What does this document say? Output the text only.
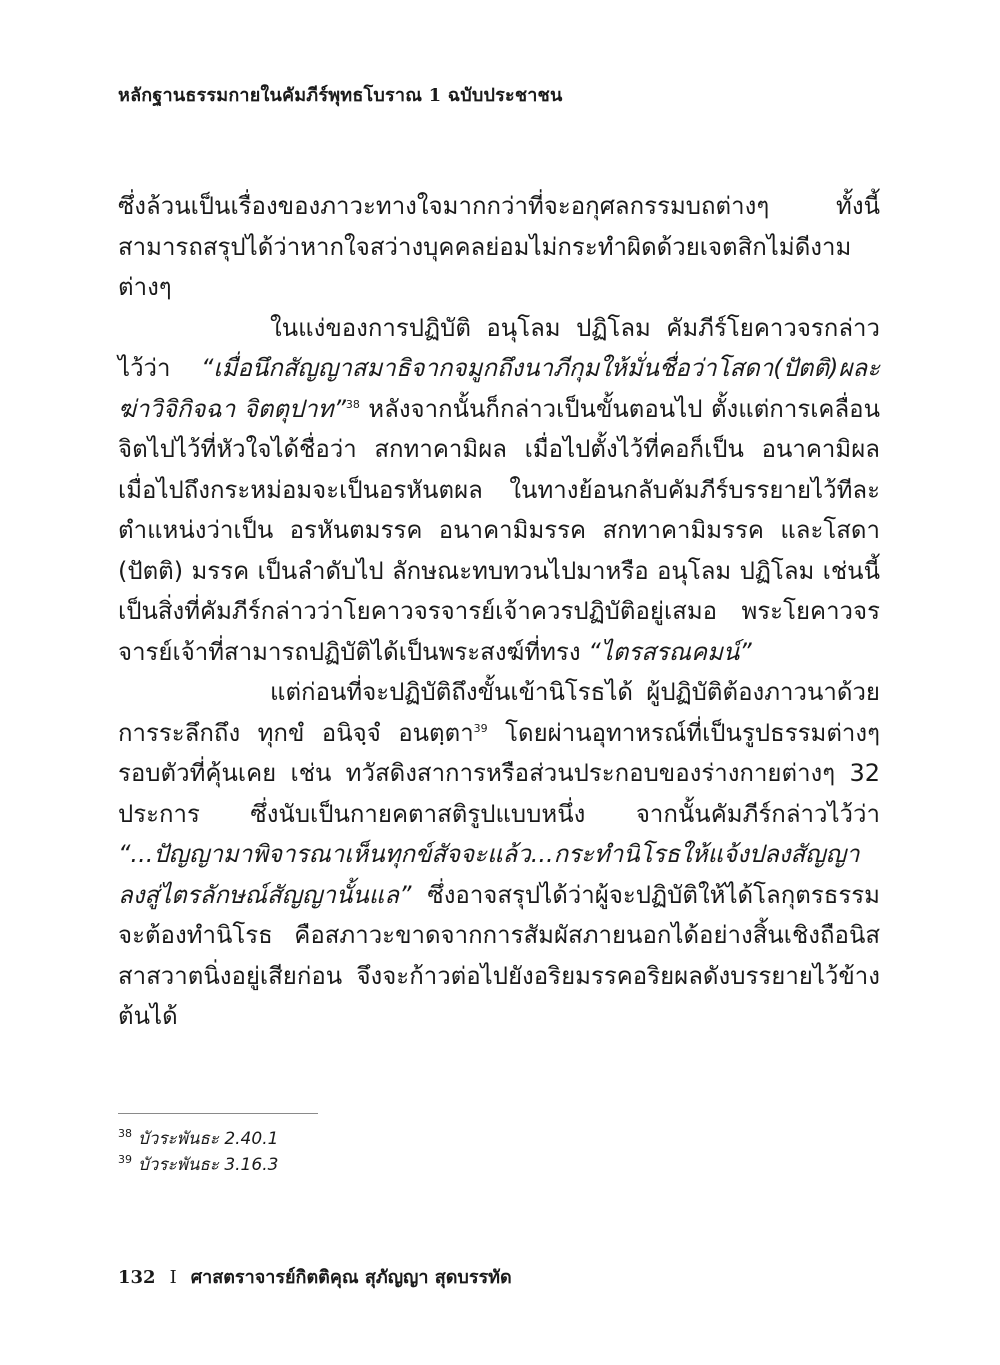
หลักฐานธรรมกายในคัมภีร์พุทธโบราณ 1 ฉบับประชาชน

ซึ่งล้วนเป็นเรื่องของภาวะทางใจมากกว่าที่จะอกุศลกรรมบถต่างๆ ทั้งนี้สามารถสรุปได้ว่าหากใจสว่างบุคคลย่อมไม่กระทำผิดด้วยเจตสิกไม่ดีงามต่างๆ

ในแง่ของการปฏิบัติ อนุโลม ปฏิโลม คัมภีร์โยคาวจรกล่าวไว้ว่า “เมื่อนึกสัญญาสมาธิจากจมูกถึงนาภีกุมให้มั่นชื่อว่าโสดา(ปัตติ)ผละ ฆ่าวิจิกิจฉา จิตตุปาท”$^{38}$ หลังจากนั้นก็กล่าวเป็นขั้นตอนไป ตั้งแต่การเคลื่อนจิตไปไว้ที่หัวใจได้ชื่อว่า สกทาคามิผล เมื่อไปตั้งไว้ที่คอก็เป็น อนาคามิผล เมื่อไปถึงกระหม่อมจะเป็นอรหันตผล ในทางย้อนกลับคัมภีร์บรรยายไว้ทีละตำแหน่งว่าเป็น อรหันตมรรค อนาคามิมรรค สกทาคามิมรรค และโสดา (ปัตติ) มรรค เป็นลำดับไป ลักษณะทบทวนไปมาหรือ อนุโลม ปฏิโลม เช่นนี้เป็นสิ่งที่คัมภีร์กล่าวว่าโยคาวจรจารย์เจ้าควรปฏิบัติอยู่เสมอ พระโยคาวจรจารย์เจ้าที่สามารถปฏิบัติได้เป็นพระสงฆ์ที่ทรง “ไตรสรณคมน์”

แต่ก่อนที่จะปฏิบัติถึงขั้นเข้านิโรธได้ ผู้ปฏิบัติต้องภาวนาด้วยการระลึกถึง ทุกขํ อนิจฺจํ อนตฺตา$^{39}$ โดยผ่านอุทาหรณ์ที่เป็นรูปธรรมต่างๆ รอบตัวที่คุ้นเคย เช่น ทวัสดิงสาการหรือส่วนประกอบของร่างกายต่างๆ 32 ประการ ซึ่งนับเป็นกายคตาสติรูปแบบหนึ่ง จากนั้นคัมภีร์กล่าวไว้ว่า “...ปัญญามาพิจารณาเห็นทุกข์สัจจะแล้ว...กระทำนิโรธให้แจ้งปลงสัญญาลงสู่ไตรลักษณ์สัญญานั้นแล” ซึ่งอาจสรุปได้ว่าผู้จะปฏิบัติให้ได้โลกุตรธรรมจะต้องทำนิโรธ คือสภาวะขาดจากการสัมผัสภายนอกได้อย่างสิ้นเชิงถือนิสสาสวาตนิ่งอยู่เสียก่อน จึงจะก้าวต่อไปยังอริยมรรคอริยผลดังบรรยายไว้ข้างต้นได้

$^{38}$ บัวระพันธะ 2.40.1
$^{39}$ บัวระพันธะ 3.16.3
132 I ศาสตราจารย์กิตติคุณ สุภัญญา สุดบรรทัด
